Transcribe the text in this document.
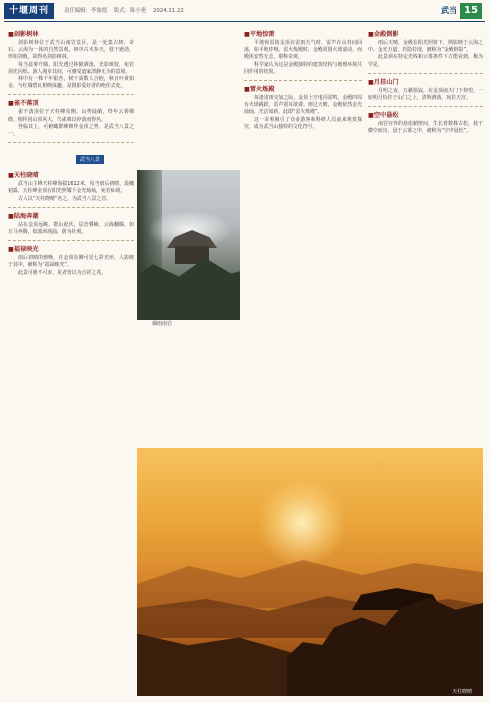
十堰周刊	责任编辑：李波德 版式：陈小艳 2024.11.22	武当 15
■剑影树林

剑影树林位于武当山南岩景区，是一处集古树、奇石、云海为一体的自然景观。林中古木参天，枝干遒劲，形如剑戟，故得名剑影树林。

每当晨雾升腾，阳光透过林隙洒落，光影斑驳，宛若剑光闪烁。游人漫步其间，可感受道家清静无为的意境。

林中有一株千年银杏，树干需数人合抱，秋日叶黄如金，与红墙碧瓦相映成趣，是摄影爱好者的绝佳去处。

■雀不落顶

雀不落顶位于天柱峰东侧，山势陡峭，终年云雾缭绕。相传因山顶风大，鸟雀难以停落而得名。

登临其上，可俯瞰群峰朝拜金顶之势，是武当八景之一。

武当八景
■天柱晓晴

武当山主峰天柱峰海拔1612米，每当雨后初晴，晨曦初露，天柱峰金顶在阳光照耀下金光灿灿，宛若仙境。

古人以“天柱晓晴”名之，为武当八景之首。

■陆海奔潮

站在金顶远眺，群山起伏，层峦叠嶂，云海翻腾，如万马奔腾，似波涛汹涌，蔚为壮观。

■福禄映光

雨后初晴的傍晚，在金顶东侧可见七彩光环，人影映于其中，被称为“福禄映光”。

此景可遇不可求，见者皆以为吉祥之兆。

■平地惊雷

平地惊雷指金顶在雷雨天气时，雷声在山谷间回荡，如平地炸响。雷火炼殿时，金殿周围火球滚动，而殿体安然无恙，堪称奇观。

科学家认为这是金殿独特的建筑结构与地理环境共同作用的结果。

■雷火炼殿

每逢雷雨交加之际，金顶上空电闪雷鸣，金殿四周有火球跳跃，雷声震耳欲聋。雨过天晴，金殿依然金光灿灿，光洁如新，此即“雷火炼殿”。

这一奇观吸引了众多游客和科研人员前来观赏探究，成为武当山独特的文化符号。

■金殿倒影

雨后天晴，金殿在阳光照射下，倒影映于云海之中，金光万道，若隐若现，被称为“金殿倒影”。

此景须在特定光线和云雾条件下方能看到，极为罕见。

■月挂山门

月明之夜，万籁俱寂，在金顶南天门下仰望，一轮明月恰挂于山门之上，清辉洒落，宛若天宫。

■空中悬松

南岩宫外的悬崖峭壁间，生长着数株古松，枝干横空而出，悬于云雾之中，被称为“空中悬松”。

烟雨南岩
天柱晓晴
